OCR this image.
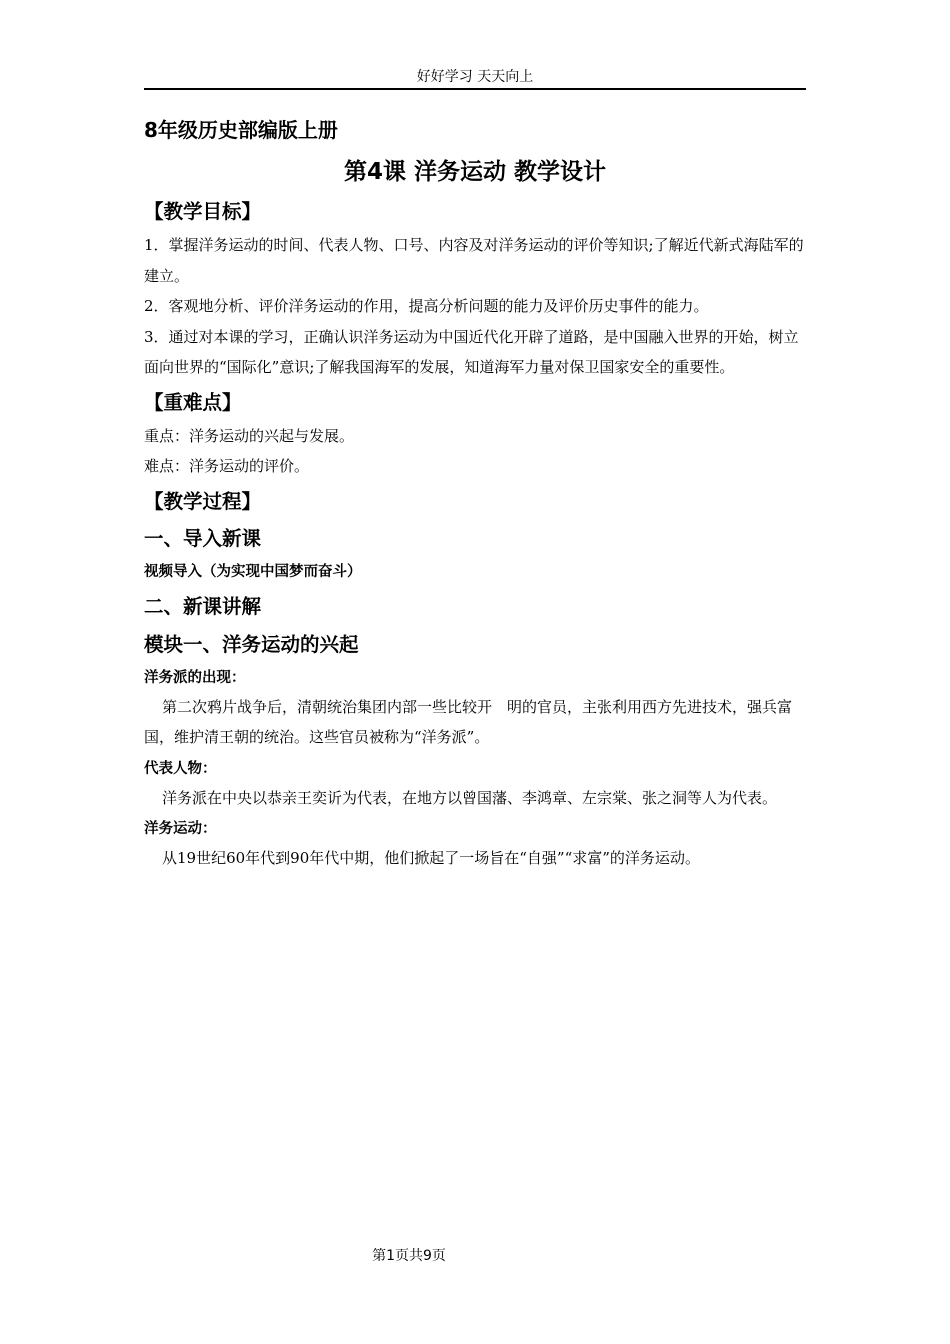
好好学习 天天向上

8年级历史部编版上册

第4课 洋务运动 教学设计

【教学目标】

1．掌握洋务运动的时间、代表人物、口号、内容及对洋务运动的评价等知识;了解近代新式海陆军的建立。

2．客观地分析、评价洋务运动的作用，提高分析问题的能力及评价历史事件的能力。

3．通过对本课的学习，正确认识洋务运动为中国近代化开辟了道路，是中国融入世界的开始，树立面向世界的“国际化”意识;了解我国海军的发展，知道海军力量对保卫国家安全的重要性。

【重难点】

重点：洋务运动的兴起与发展。

难点：洋务运动的评价。

【教学过程】

一、导入新课

视频导入（为实现中国梦而奋斗）

二、新课讲解

模块一、洋务运动的兴起

洋务派的出现：

第二次鸦片战争后，清朝统治集团内部一些比较开　明的官员，主张利用西方先进技术，强兵富国，维护清王朝的统治。这些官员被称为“洋务派”。

代表人物：

洋务派在中央以恭亲王奕䜣为代表，在地方以曾国藩、李鸿章、左宗棠、张之洞等人为代表。

洋务运动：

从19世纪60年代到90年代中期，他们掀起了一场旨在“自强”“求富”的洋务运动。

第1页共9页
